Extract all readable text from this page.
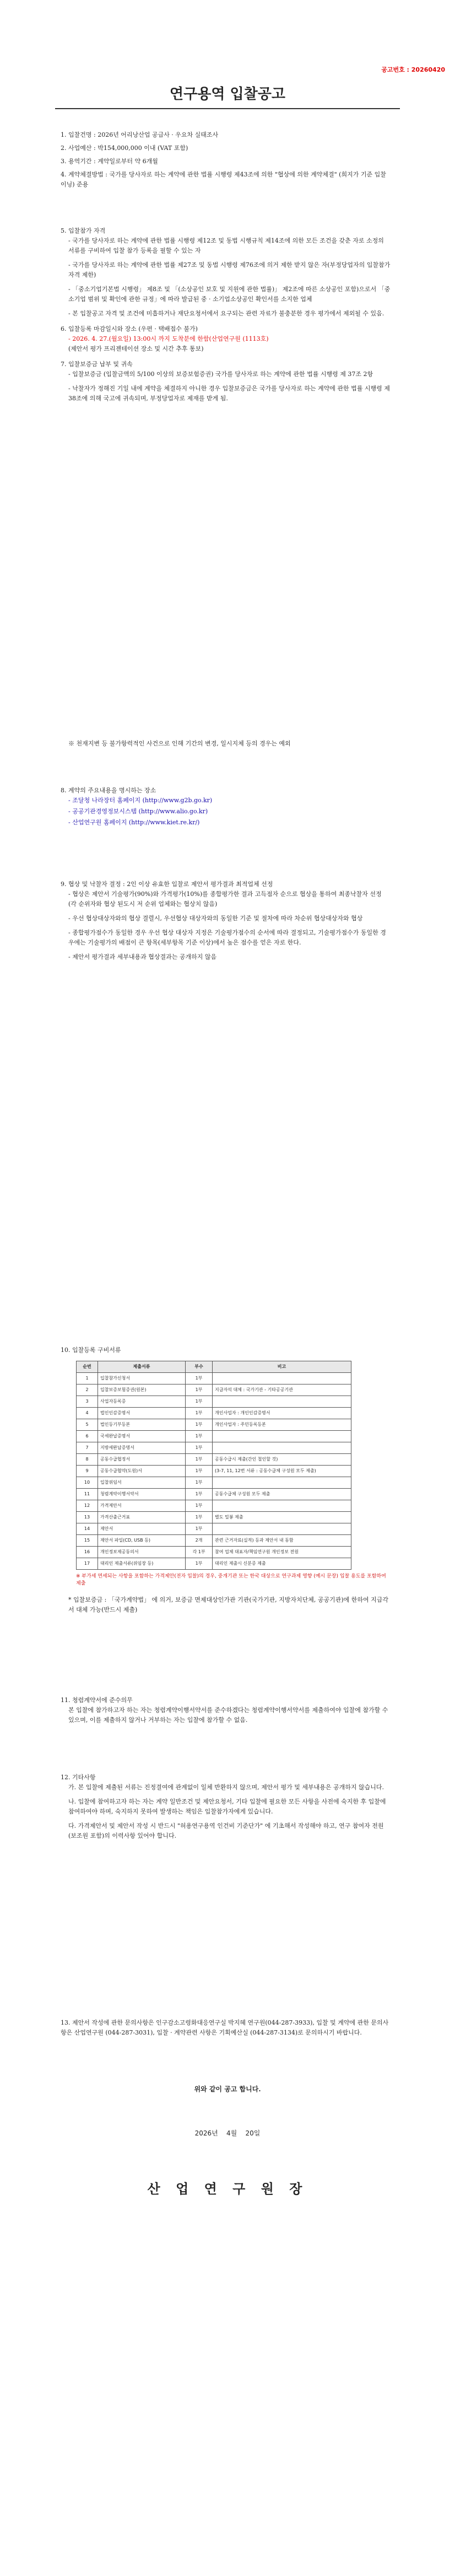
공고번호 : 20260420
연구용역 입찰공고

1. 입찰건명 : 2026년 어리낭산업 공급사 · 우요차 실태조사

2. 사업예산 : 박154,000,000 이내 (VAT 포함)

3. 용역기간 : 계약일로부터 약 6개월

4. 계약체결방법 : 국가를 당사자로 하는 계약에 관한 법률 시행령 제43조에 의한 "협상에 의한 계약체결" (희지가 기준 입찰 이닝) 준용

5. 입찰참가 자격

- 국가를 당사자로 하는 계약에 관한 법률 시행령 제12조 및 동법 시행규칙 제14조에 의한 모든 조건을 갖춘 자로 소정의 서류를 구비하여 입찰 참가 등록을 필할 수 있는 자

- 국가를 당사자로 하는 계약에 관한 법률 제27조 및 동법 시행령 제76조에 의거 제한 받지 않은 자(부정당업자의 입찰참가자격 제한)

- 「중소기업기본법 시행령」 제8조 및 「(소상공인 보호 및 지원에 관한 법률)」 제2조에 따른 소상공인 포함)으로서 「중소기업 범위 및 확인에 관한 규정」에 따라 발급된 중 · 소기업소상공인 확인서를 소지한 업체

- 본 입찰공고 자격 및 조건에 미흡하거나 재단요청서에서 요구되는 관련 자료가 불충분한 경우 평가에서 제외될 수 있음.

6. 입찰등록 마감일시와 장소 (우편 · 택배접수 불가)

- 2026. 4. 27.(월요일) 13:00시 까지 도착분에 한함(산업연구원 (1113호)

(제안서 평가 프리젠테이션 장소 및 시간 추후 통보)

7. 입찰보증금 납부 및 귀속

- 입찰보증금 (입찰금액의 5/100 이상의 보증보험증권) 국가를 당사자로 하는 계약에 관한 법률 시행령 제 37조 2항

- 낙찰자가 정해진 기일 내에 계약을 체결하지 아니한 경우 입찰보증금은 국가를 당사자로 하는 계약에 관한 법률 시행령 제38조에 의해 국고에 귀속되며, 부정당업자로 제재를 받게 됨.

※ 천재지변 등 불가항력적인 사건으로 인해 기간의 변경, 일시지체 등의 경우는 예외

8. 계약의 주요내용을 명시하는 장소

- 조달청 나라장터 홈페이지 (http://www.g2b.go.kr)

- 공공기관경영정보시스템 (http://www.alio.go.kr)

- 산업연구원 홈페이지 (http://www.kiet.re.kr/)

9. 협상 및 낙찰자 결정 : 2인 이상 유효한 입찰로 제안서 평가결과 최적업체 선정

- 협상은 제안서 기술평가(90%)와 가격평가(10%)를 종합평가한 결과 고득점자 순으로 협상을 통하여 최종낙찰자 선정 (각 순위자와 협상 된도시 저 순위 업체와는 협상치 않음)

- 우선 협상대상자와의 협상 결렬시, 우선협상 대상자와의 동일한 기준 및 절차에 따라 차순위 협상대상자와 협상

- 종합평가점수가 동일한 경우 우선 협상 대상자 지정은 기술평가점수의 순서에 따라 결정되고, 기술평가점수가 동일한 경우에는 기술평가의 배점이 큰 항목(세부항목 기준 이상)에서 높은 점수를 얻은 자로 한다.

- 제안서 평가결과 세부내용과 협상결과는 공개하지 않음

10. 입찰등록 구비서류

순번	제출서류	부수	비고
1	입찰참가신청서	1부	
2	입찰보증보험증권(원본)	1부	지급자석 대체 : 국가기관 - 기타공공기관
3	사업자등록증	1부	
4	법인인감증명서	1부	개인사업자 : 개인인감증명서
5	법인등기부등본	1부	개인사업자 : 주민등록등본
6	국세완납증명서	1부	
7	지방세완납증명서	1부	
8	공동수급협정서	1부	공동수급시 제출(간인 철인할 것)
9	공동수급협약(도원)서	1부	(3-7, 11, 12번 서류 : 공동수급체 구성원 모두 제출)
10	입찰위임서	1부	
11	청렴계약이행서약서	1부	공동수급체 구성원 모두 제출
12	가격제안서	1부	
13	가격산출근거표	1부	별도 밀봉 제출
14	제안서	1부	
15	제안서 파일(CD, USB 등)	2개	관련 근거자료(실적) 등과 제안서 내 동함
16	개인정보제공동의서	각 1부	참여 업체 대표자/책임연구원 개인정보 전원
17	대리인 제출서류(위임장 등)	1부	대리인 제출시 신분증 제출

※ 부가세 면세되는 사항을 포함하는 가격제안(전자 입찰)의 경우, 중개기관 또는 한국 대상으로 연구과제 영향 (예시 문장) 입찰 용도를 포함하여 제출

* 입찰보증금 : 「국가계약법」 에 의거, 보증금 면제대상인가관 기관(국가기관, 지방자치단체, 공공기관)에 한하여 지급각서 대체 가능(반드시 제출)

11. 청렴계약서에 준수의무

본 입찰에 참가하고자 하는 자는 청렴계약이행서약서를 준수하겠다는 청렴계약이행서약서를 제출하여야 입찰에 참가할 수 있으며, 이를 제출하지 않거나 거부하는 자는 입찰에 참가할 수 없음.

12. 기타사항

가. 본 입찰에 제출된 서류는 진정결여에 관계없이 일체 반환하지 않으며, 제안서 평가 및 세부내용은 공개하지 않습니다.

나. 입찰에 참여하고자 하는 자는 계약 일반조건 및 제안요청서, 기타 입찰에 필요한 모든 사항을 사전에 숙지한 후 입찰에 참여하여야 하며, 숙지하지 못하여 발생하는 책임은 입찰참가자에게 있습니다.

다. 가격제안서 및 제안서 작성 시 반드시 "허용연구용역 인건비 기준단가" 에 기초해서 작성해야 하고, 연구 참여자 전원(보조원 포함)의 이력사항 있어야 합니다.

13. 제안서 작성에 관한 문의사항은 인구감소고령화대응연구실 박지혜 연구원(044-287-3933), 입찰 및 계약에 관한 문의사항은 산업연구원 (044-287-3031), 입찰 · 계약관련 사항은 기획예산실 (044-287-3134)로 문의하시기 바랍니다.

위와 같이 공고 합니다.
2026년    4월    20일
산 업 연 구 원 장
